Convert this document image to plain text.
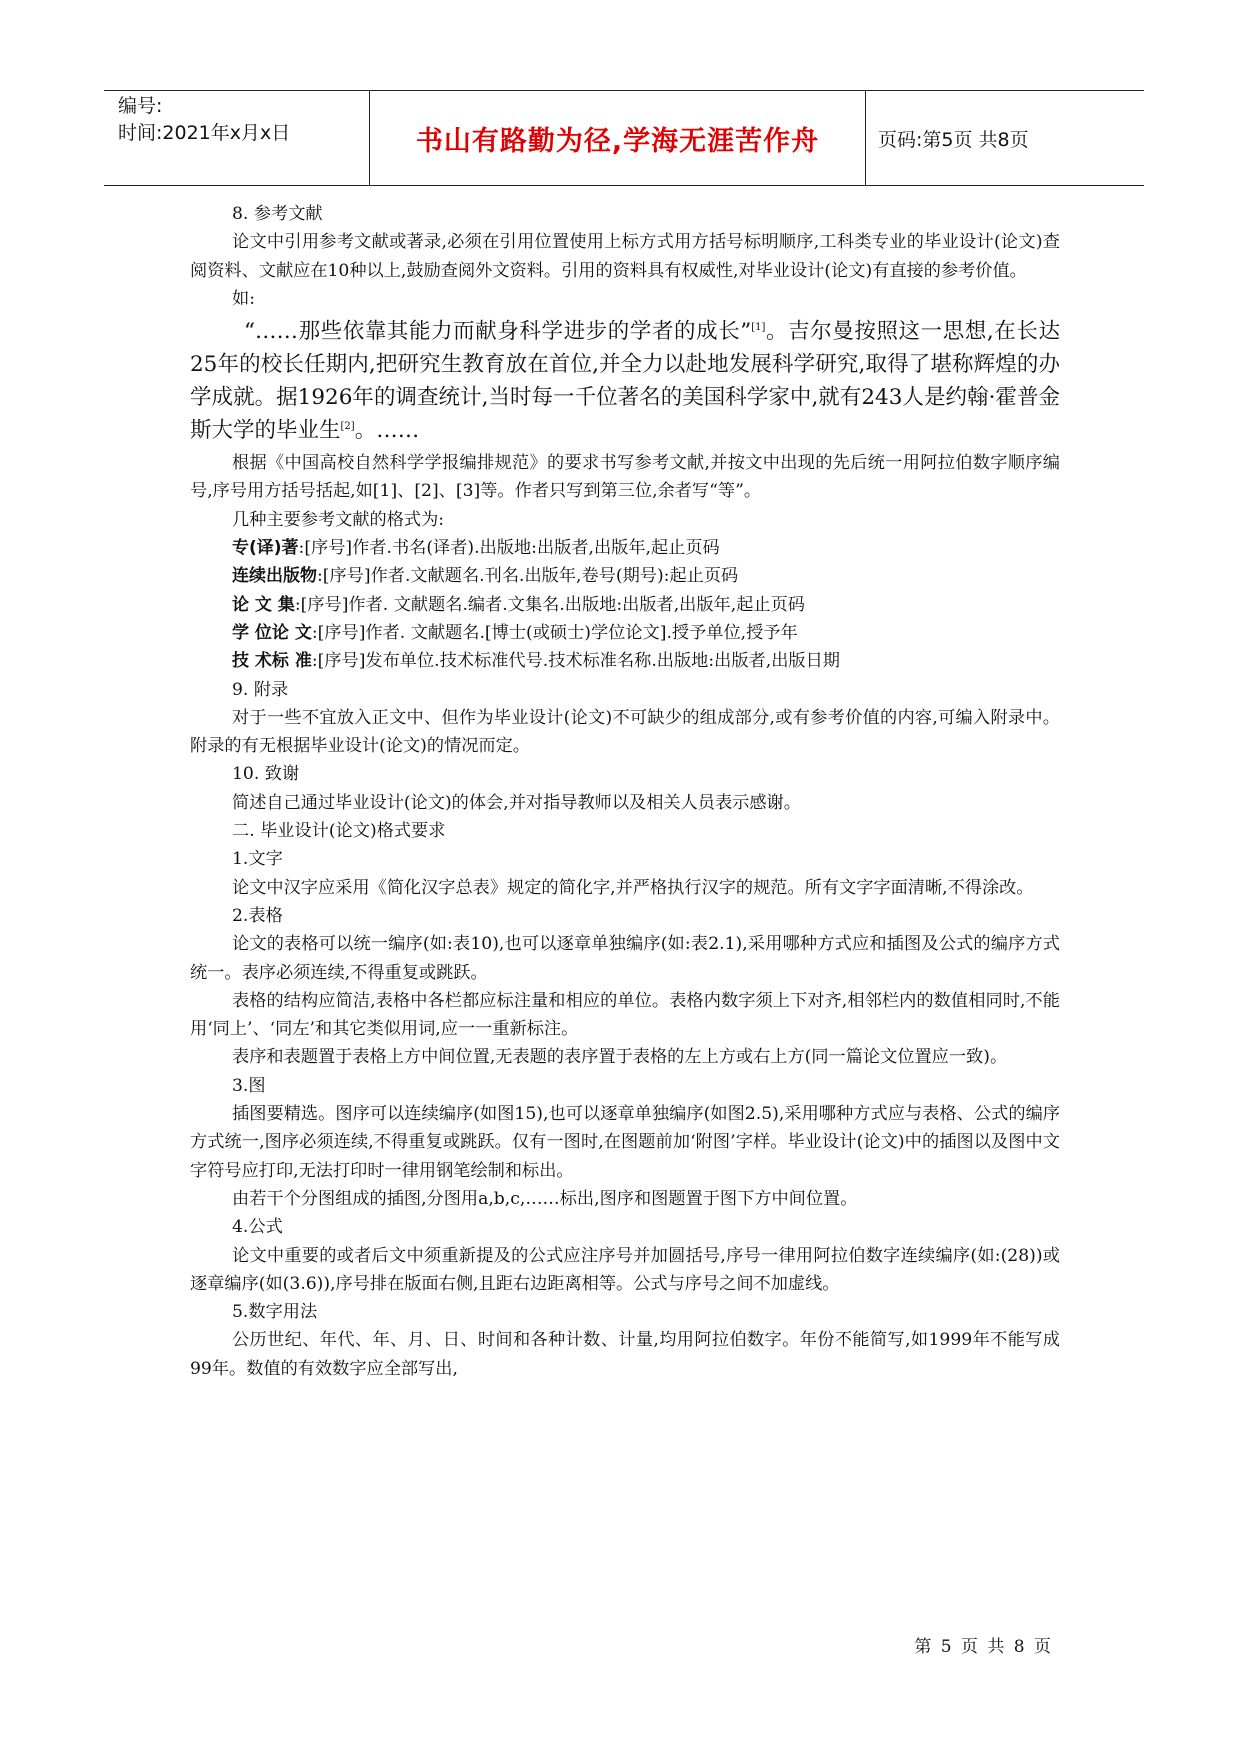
编号:
时间:2021年x月x日	书山有路勤为径,学海无涯苦作舟	页码:第5页 共8页

8. 参考文献

论文中引用参考文献或著录,必须在引用位置使用上标方式用方括号标明顺序,工科类专业的毕业设计(论文)查阅资料、文献应在10种以上,鼓励查阅外文资料。引用的资料具有权威性,对毕业设计(论文)有直接的参考价值。

如:

“……那些依靠其能力而献身科学进步的学者的成长”[1]。吉尔曼按照这一思想,在长达25年的校长任期内,把研究生教育放在首位,并全力以赴地发展科学研究,取得了堪称辉煌的办学成就。据1926年的调查统计,当时每一千位著名的美国科学家中,就有243人是约翰·霍普金斯大学的毕业生[2]。……

根据《中国高校自然科学学报编排规范》的要求书写参考文献,并按文中出现的先后统一用阿拉伯数字顺序编号,序号用方括号括起,如[1]、[2]、[3]等。作者只写到第三位,余者写“等”。

几种主要参考文献的格式为:

专(译)著:[序号]作者.书名(译者).出版地:出版者,出版年,起止页码

连续出版物:[序号]作者.文献题名.刊名.出版年,卷号(期号):起止页码

论 文 集:[序号]作者. 文献题名.编者.文集名.出版地:出版者,出版年,起止页码

学 位论 文:[序号]作者. 文献题名.[博士(或硕士)学位论文].授予单位,授予年

技 术标 准:[序号]发布单位.技术标准代号.技术标准名称.出版地:出版者,出版日期

9. 附录

对于一些不宜放入正文中、但作为毕业设计(论文)不可缺少的组成部分,或有参考价值的内容,可编入附录中。附录的有无根据毕业设计(论文)的情况而定。

10. 致谢

简述自己通过毕业设计(论文)的体会,并对指导教师以及相关人员表示感谢。

二. 毕业设计(论文)格式要求

1.文字

论文中汉字应采用《简化汉字总表》规定的简化字,并严格执行汉字的规范。所有文字字面清晰,不得涂改。

2.表格

论文的表格可以统一编序(如:表10),也可以逐章单独编序(如:表2.1),采用哪种方式应和插图及公式的编序方式统一。表序必须连续,不得重复或跳跃。

表格的结构应简洁,表格中各栏都应标注量和相应的单位。表格内数字须上下对齐,相邻栏内的数值相同时,不能用‘同上’、‘同左’和其它类似用词,应一一重新标注。

表序和表题置于表格上方中间位置,无表题的表序置于表格的左上方或右上方(同一篇论文位置应一致)。

3.图

插图要精选。图序可以连续编序(如图15),也可以逐章单独编序(如图2.5),采用哪种方式应与表格、公式的编序方式统一,图序必须连续,不得重复或跳跃。仅有一图时,在图题前加‘附图’字样。毕业设计(论文)中的插图以及图中文字符号应打印,无法打印时一律用钢笔绘制和标出。

由若干个分图组成的插图,分图用a,b,c,……标出,图序和图题置于图下方中间位置。

4.公式

论文中重要的或者后文中须重新提及的公式应注序号并加圆括号,序号一律用阿拉伯数字连续编序(如:(28))或逐章编序(如(3.6)),序号排在版面右侧,且距右边距离相等。公式与序号之间不加虚线。

5.数字用法

公历世纪、年代、年、月、日、时间和各种计数、计量,均用阿拉伯数字。年份不能简写,如1999年不能写成99年。数值的有效数字应全部写出,

第 5 页 共 8 页
